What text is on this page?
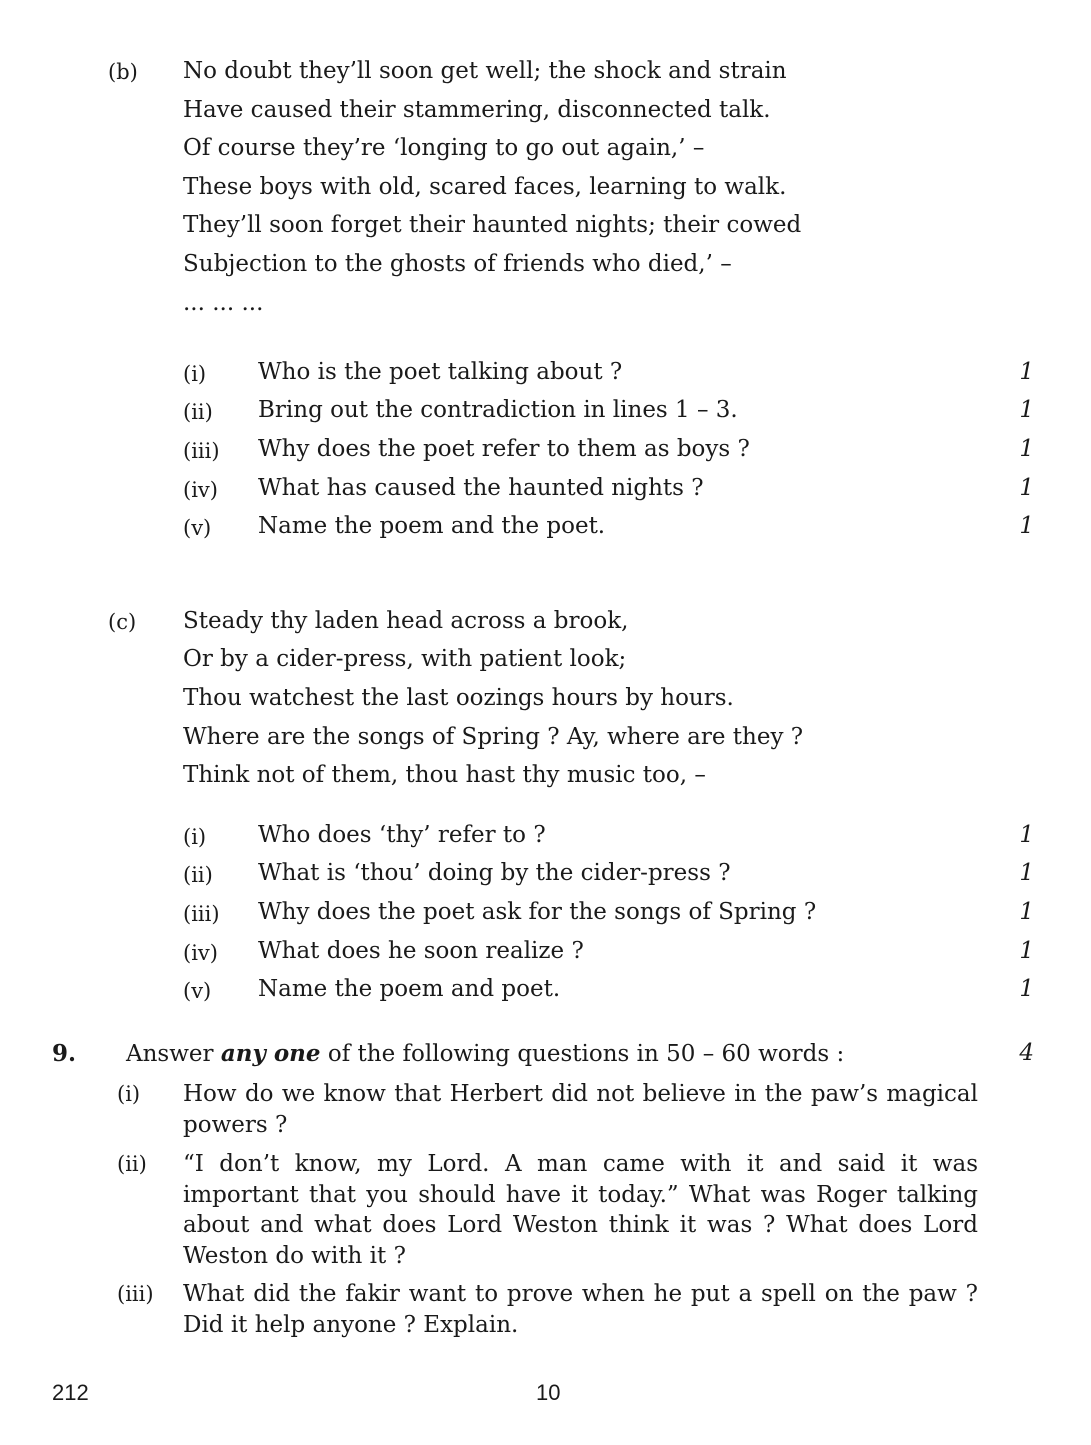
(b) No doubt they’ll soon get well; the shock and strain
Have caused their stammering, disconnected talk.
Of course they’re ‘longing to go out again,’ –
These boys with old, scared faces, learning to walk.
They’ll soon forget their haunted nights; their cowed
Subjection to the ghosts of friends who died,’ –
... ... ...
(i) Who is the poet talking about ?	1
(ii) Bring out the contradiction in lines 1 – 3.	1
(iii) Why does the poet refer to them as boys ?	1
(iv) What has caused the haunted nights ?	1
(v) Name the poem and the poet.	1
(c) Steady thy laden head across a brook,
Or by a cider-press, with patient look;
Thou watchest the last oozings hours by hours.
Where are the songs of Spring ? Ay, where are they ?
Think not of them, thou hast thy music too, –
(i) Who does ‘thy’ refer to ?	1
(ii) What is ‘thou’ doing by the cider-press ?	1
(iii) Why does the poet ask for the songs of Spring ?	1
(iv) What does he soon realize ?	1
(v) Name the poem and poet.	1
9. Answer any one of the following questions in 50 – 60 words :	4
(i) How do we know that Herbert did not believe in the paw’s magical powers ?
(ii) “I don’t know, my Lord. A man came with it and said it was important that you should have it today.” What was Roger talking about and what does Lord Weston think it was ? What does Lord Weston do with it ?
(iii) What did the fakir want to prove when he put a spell on the paw ? Did it help anyone ? Explain.
212	10
